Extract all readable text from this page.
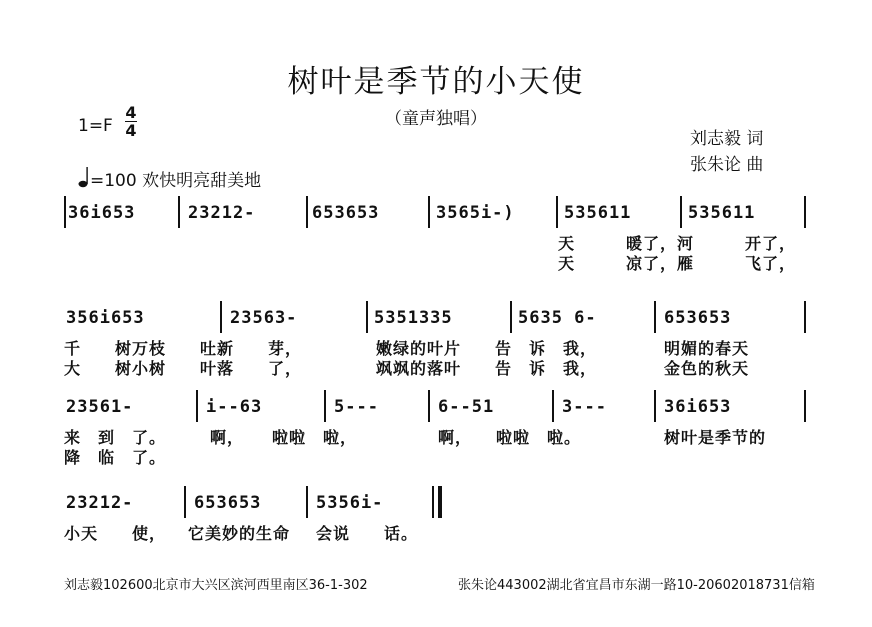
树叶是季节的小天使
（童声独唱）
1=F
4
4	刘志毅 词
张朱论 曲
=100 欢快明亮甜美地
36i653	23212-	653653	3565i-)	535611	535611
天　　　暖了，河　　　开了，
天　　　凉了，雁　　　飞了，
356i653	23563-	5351335	5635 6-	653653
千　　树万枝　　吐新　　芽，	嫩绿的叶片　　告　诉　我，	明媚的春天
大　　树小树　　叶落　　了，	飒飒的落叶　　告　诉　我，	金色的秋天
23561-	i--63	5---	6--51	3---	36i653
来　到　了。	啊， 啦啦　啦，	啊， 啦啦　啦。	树叶是季节的
降　临　了。
23212-	653653	5356i-
小天　　使， 它美妙的生命 会说　　话。
刘志毅102600北京市大兴区滨河西里南区36-1-302	张朱论443002湖北省宜昌市东湖一路10-20602018731信箱
